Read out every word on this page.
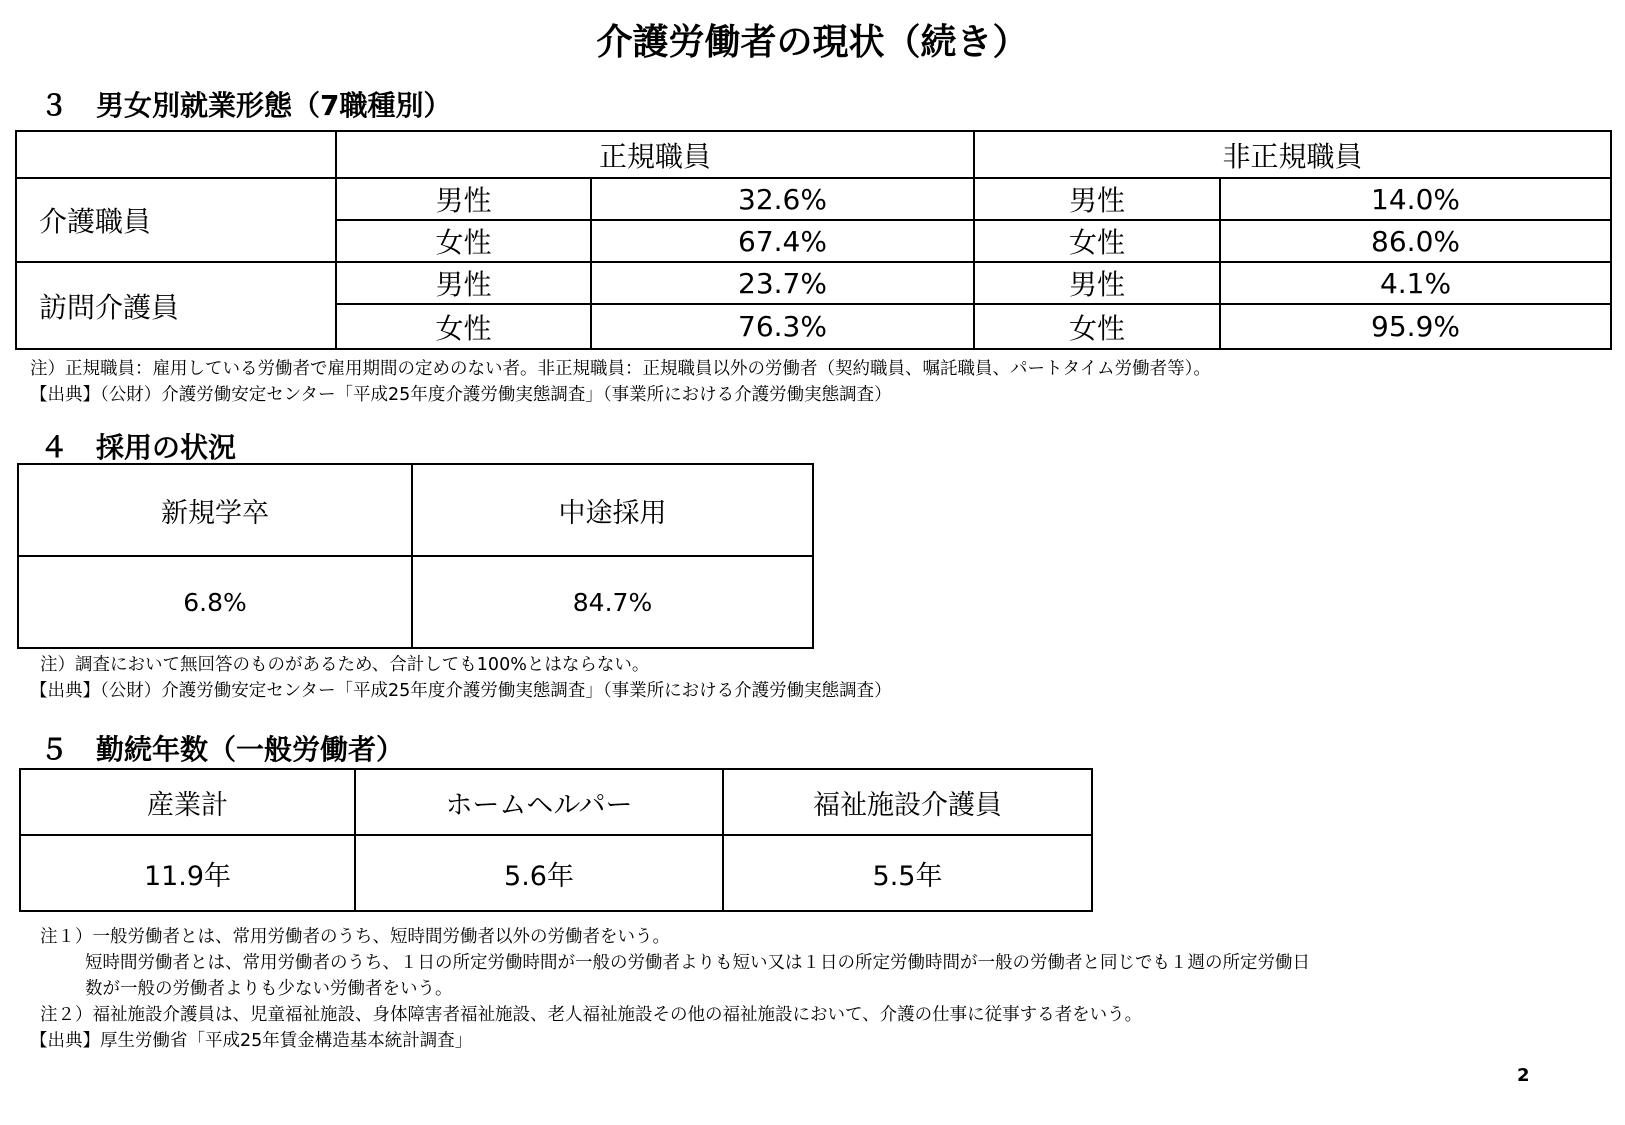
介護労働者の現状（続き）
３　男女別就業形態（7職種別）
	正規職員		非正規職員	
介護職員	男性	32.6%	男性	14.0%
	女性	67.4%	女性	86.0%
訪問介護員	男性	23.7%	男性	4.1%
	女性	76.3%	女性	95.9%
注）正規職員：雇用している労働者で雇用期間の定めのない者。非正規職員：正規職員以外の労働者（契約職員、嘱託職員、パートタイム労働者等）。
【出典】（公財）介護労働安定センター「平成25年度介護労働実態調査」（事業所における介護労働実態調査）
４　採用の状況
新規学卒	中途採用
6.8%	84.7%
注）調査において無回答のものがあるため、合計しても100%とはならない。
【出典】（公財）介護労働安定センター「平成25年度介護労働実態調査」（事業所における介護労働実態調査）
５　勤続年数（一般労働者）
産業計	ホームヘルパー	福祉施設介護員
11.9年	5.6年	5.5年
注１）一般労働者とは、常用労働者のうち、短時間労働者以外の労働者をいう。
短時間労働者とは、常用労働者のうち、１日の所定労働時間が一般の労働者よりも短い又は１日の所定労働時間が一般の労働者と同じでも１週の所定労働日
数が一般の労働者よりも少ない労働者をいう。
注２）福祉施設介護員は、児童福祉施設、身体障害者福祉施設、老人福祉施設その他の福祉施設において、介護の仕事に従事する者をいう。
【出典】厚生労働省「平成25年賃金構造基本統計調査」
2
